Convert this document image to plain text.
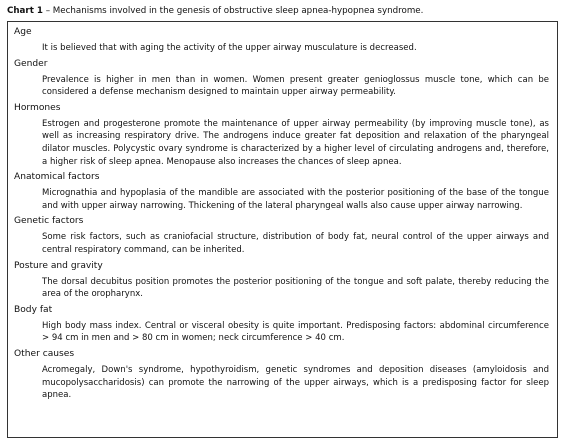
Chart 1 – Mechanisms involved in the genesis of obstructive sleep apnea-hypopnea syndrome.
Age
It is believed that with aging the activity of the upper airway musculature is decreased.
Gender
Prevalence is higher in men than in women. Women present greater genioglossus muscle tone, which can be considered a defense mechanism designed to maintain upper airway permeability.
Hormones
Estrogen and progesterone promote the maintenance of upper airway permeability (by improving muscle tone), as well as increasing respiratory drive. The androgens induce greater fat deposition and relaxation of the pharyngeal dilator muscles. Polycystic ovary syndrome is characterized by a higher level of circulating androgens and, therefore, a higher risk of sleep apnea. Menopause also increases the chances of sleep apnea.
Anatomical factors
Micrognathia and hypoplasia of the mandible are associated with the posterior positioning of the base of the tongue and with upper airway narrowing. Thickening of the lateral pharyngeal walls also cause upper airway narrowing.
Genetic factors
Some risk factors, such as craniofacial structure, distribution of body fat, neural control of the upper airways and central respiratory command, can be inherited.
Posture and gravity
The dorsal decubitus position promotes the posterior positioning of the tongue and soft palate, thereby reducing the area of the oropharynx.
Body fat
High body mass index. Central or visceral obesity is quite important. Predisposing factors: abdominal circumference > 94 cm in men and > 80 cm in women; neck circumference > 40 cm.
Other causes
Acromegaly, Down's syndrome, hypothyroidism, genetic syndromes and deposition diseases (amyloidosis and mucopolysaccharidosis) can promote the narrowing of the upper airways, which is a predisposing factor for sleep apnea.
